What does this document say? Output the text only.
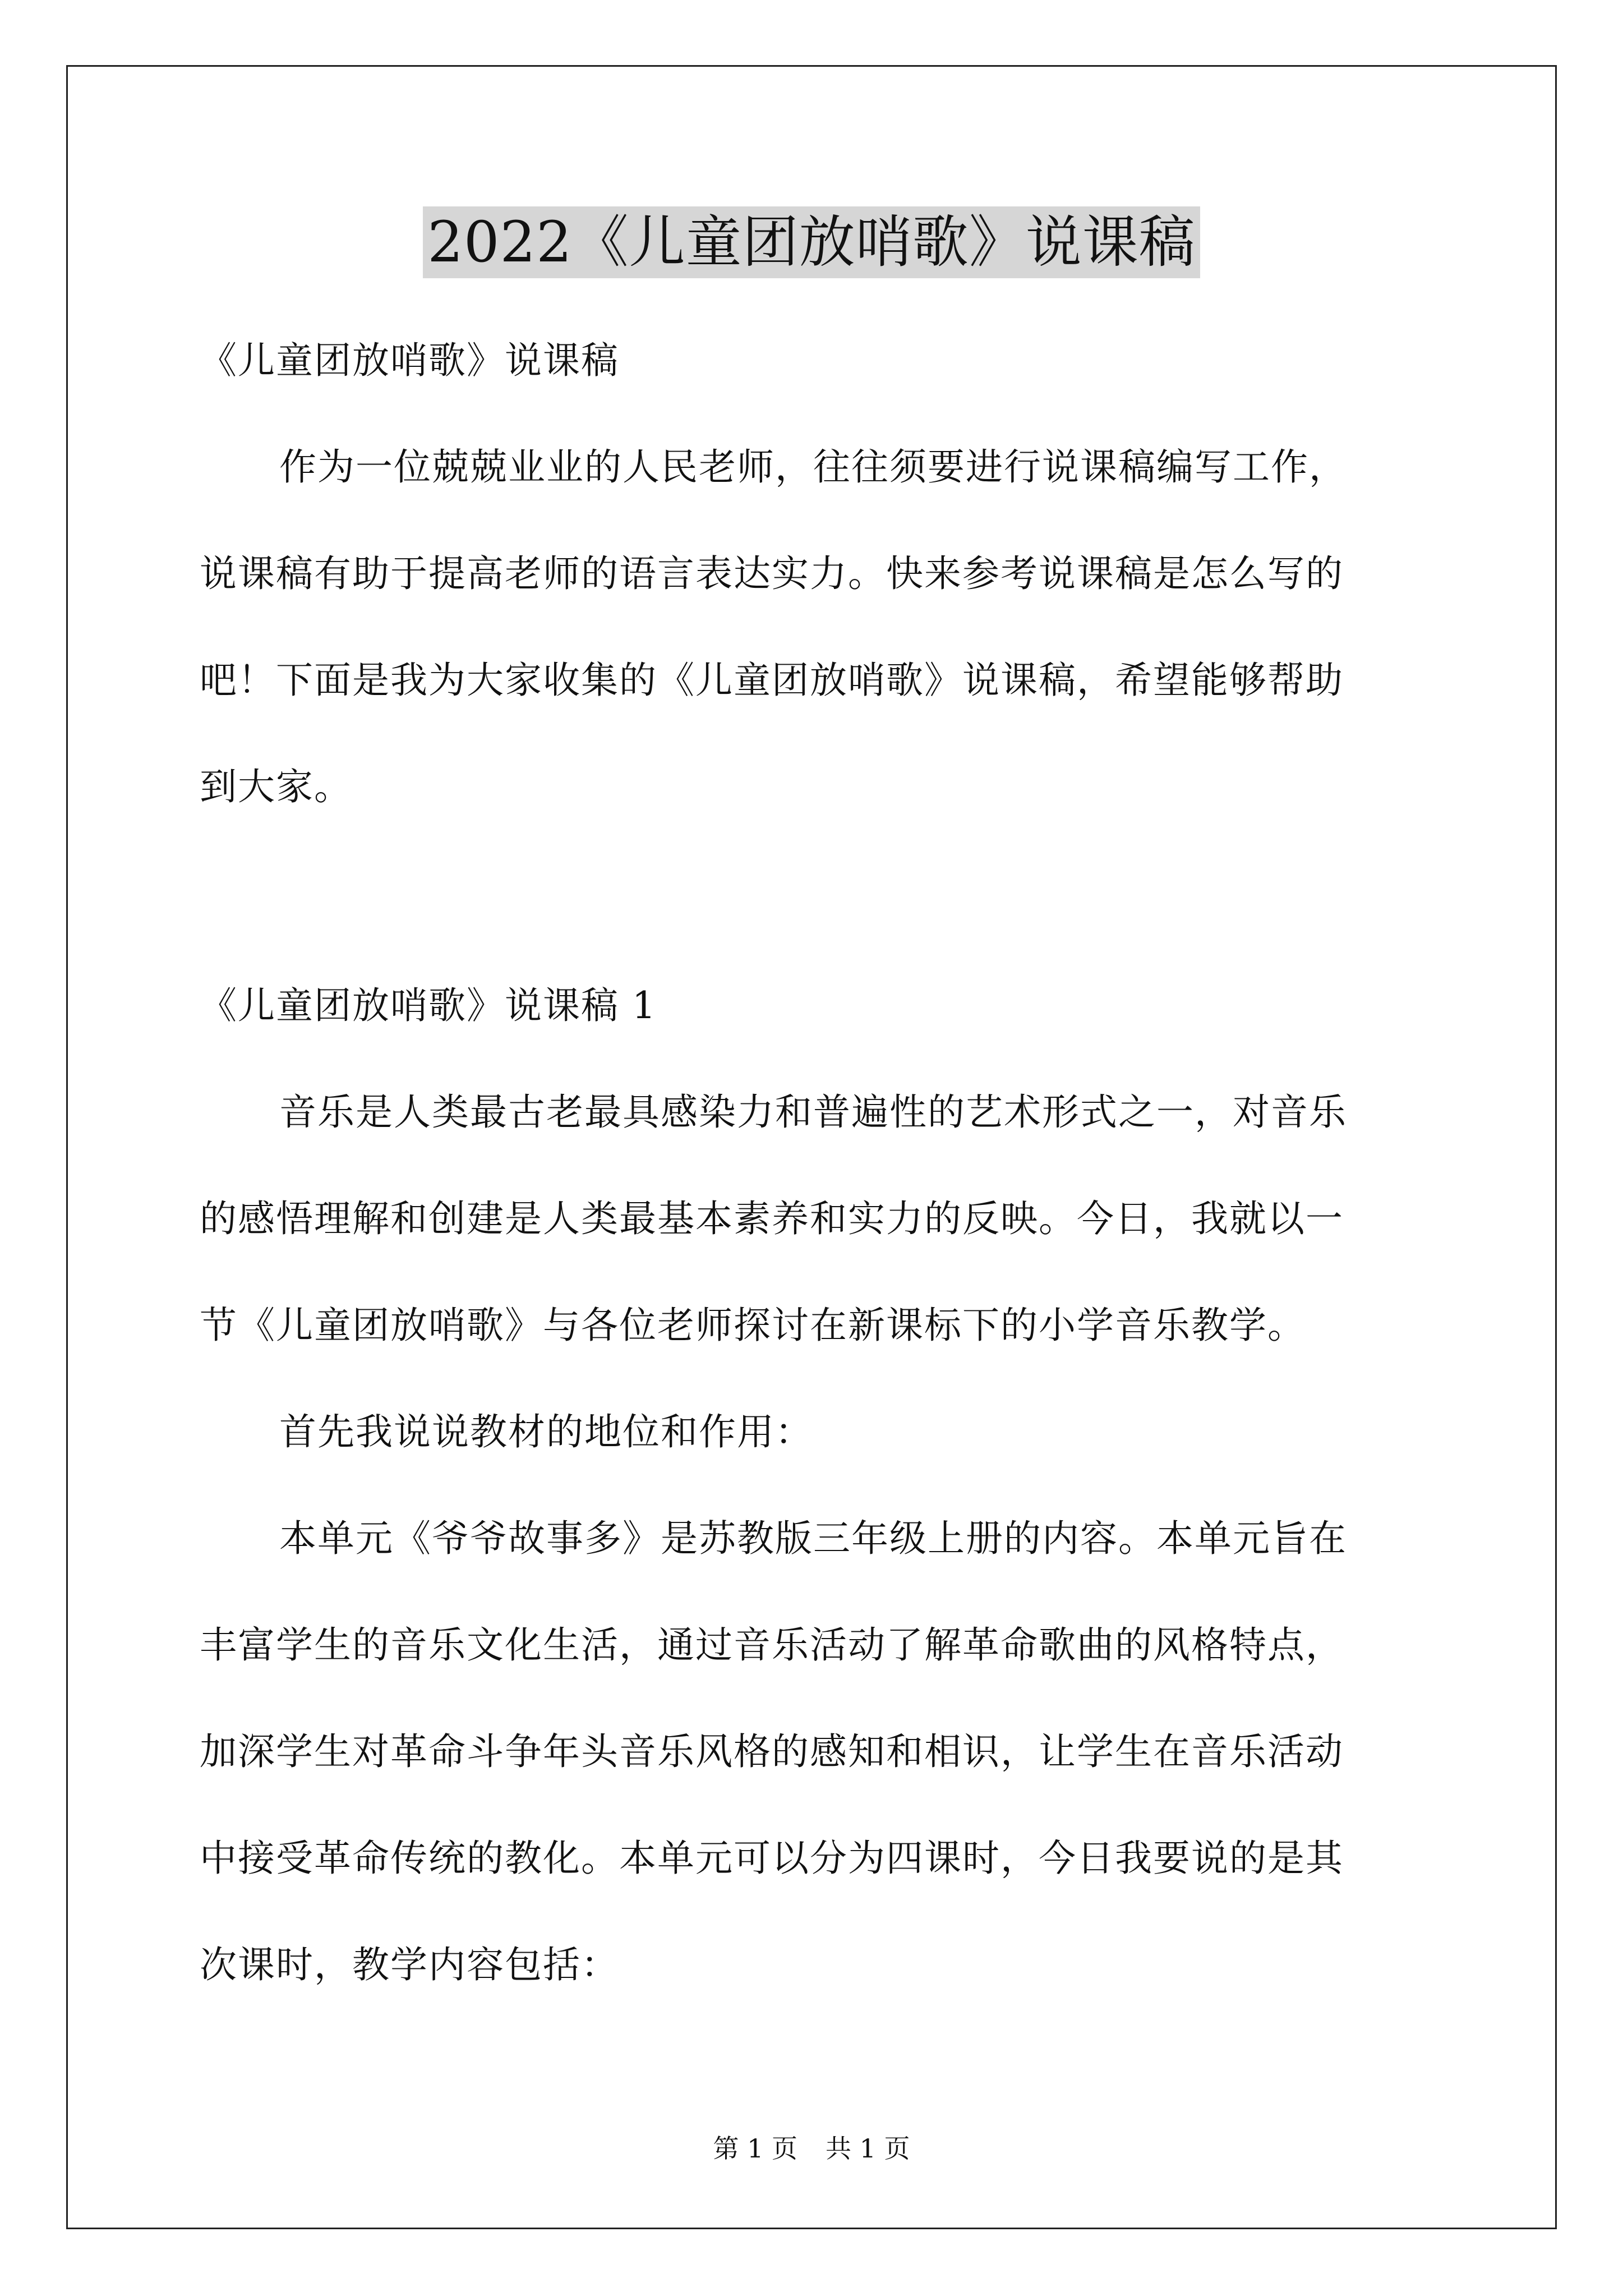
2022《儿童团放哨歌》说课稿
《儿童团放哨歌》说课稿
作为一位兢兢业业的人民老师，往往须要进行说课稿编写工作，
说课稿有助于提高老师的语言表达实力。快来参考说课稿是怎么写的
吧！下面是我为大家收集的《儿童团放哨歌》说课稿，希望能够帮助
到大家。
《儿童团放哨歌》说课稿 1
音乐是人类最古老最具感染力和普遍性的艺术形式之一，对音乐
的感悟理解和创建是人类最基本素养和实力的反映。今日，我就以一
节《儿童团放哨歌》与各位老师探讨在新课标下的小学音乐教学。
首先我说说教材的地位和作用：
本单元《爷爷故事多》是苏教版三年级上册的内容。本单元旨在
丰富学生的音乐文化生活，通过音乐活动了解革命歌曲的风格特点，
加深学生对革命斗争年头音乐风格的感知和相识，让学生在音乐活动
中接受革命传统的教化。本单元可以分为四课时，今日我要说的是其
次课时，教学内容包括：
第 1 页 共 1 页
